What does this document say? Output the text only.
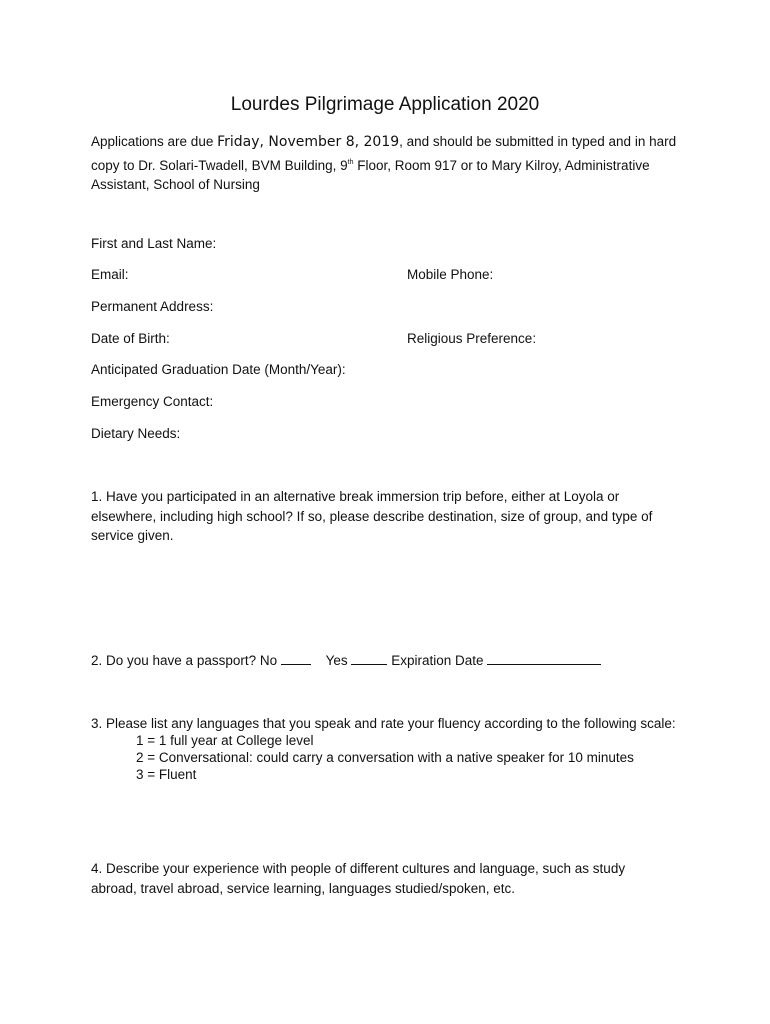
Lourdes Pilgrimage Application 2020
Applications are due Friday, November 8, 2019, and should be submitted in typed and in hard copy to Dr. Solari-Twadell, BVM Building, 9th Floor, Room 917 or to Mary Kilroy, Administrative Assistant, School of Nursing
First and Last Name:
Email:	Mobile Phone:
Permanent Address:
Date of Birth:	Religious Preference:
Anticipated Graduation Date (Month/Year):
Emergency Contact:
Dietary Needs:
1. Have you participated in an alternative break immersion trip before, either at Loyola or elsewhere, including high school? If so, please describe destination, size of group, and type of service given.
2. Do you have a passport? No	Yes	Expiration Date
3. Please list any languages that you speak and rate your fluency according to the following scale:
1 = 1 full year at College level
2 = Conversational: could carry a conversation with a native speaker for 10 minutes
3 = Fluent
4. Describe your experience with people of different cultures and language, such as study abroad, travel abroad, service learning, languages studied/spoken, etc.
